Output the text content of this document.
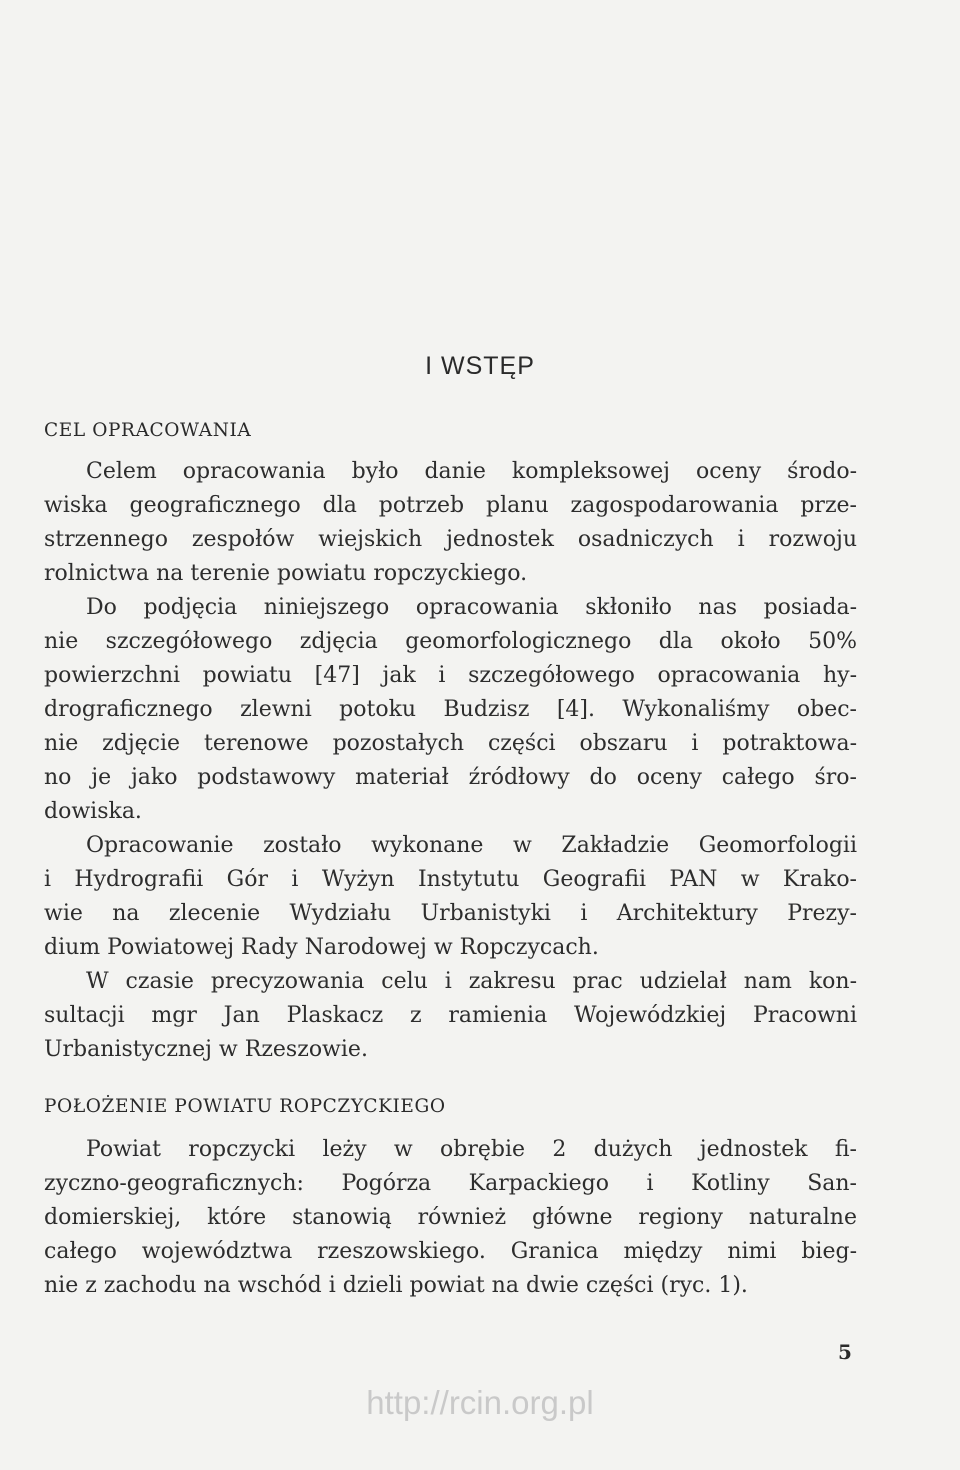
I WSTĘP
CEL OPRACOWANIA
Celem opracowania było danie kompleksowej oceny środo-
wiska geograficznego dla potrzeb planu zagospodarowania prze-
strzennego zespołów wiejskich jednostek osadniczych i rozwoju
rolnictwa na terenie powiatu ropczyckiego.
Do podjęcia niniejszego opracowania skłoniło nas posiada-
nie szczegółowego zdjęcia geomorfologicznego dla około 50%
powierzchni powiatu [47] jak i szczegółowego opracowania hy-
drograficznego zlewni potoku Budzisz [4]. Wykonaliśmy obec-
nie zdjęcie terenowe pozostałych części obszaru i potraktowa-
no je jako podstawowy materiał źródłowy do oceny całego śro-
dowiska.
Opracowanie zostało wykonane w Zakładzie Geomorfologii
i Hydrografii Gór i Wyżyn Instytutu Geografii PAN w Krako-
wie na zlecenie Wydziału Urbanistyki i Architektury Prezy-
dium Powiatowej Rady Narodowej w Ropczycach.
W czasie precyzowania celu i zakresu prac udzielał nam kon-
sultacji mgr Jan Plaskacz z ramienia Wojewódzkiej Pracowni
Urbanistycznej w Rzeszowie.
POŁOŻENIE POWIATU ROPCZYCKIEGO
Powiat ropczycki leży w obrębie 2 dużych jednostek fi-
zyczno-geograficznych: Pogórza Karpackiego i Kotliny San-
domierskiej, które stanowią również główne regiony naturalne
całego województwa rzeszowskiego. Granica między nimi bieg-
nie z zachodu na wschód i dzieli powiat na dwie części (ryc. 1).
5
http://rcin.org.pl
